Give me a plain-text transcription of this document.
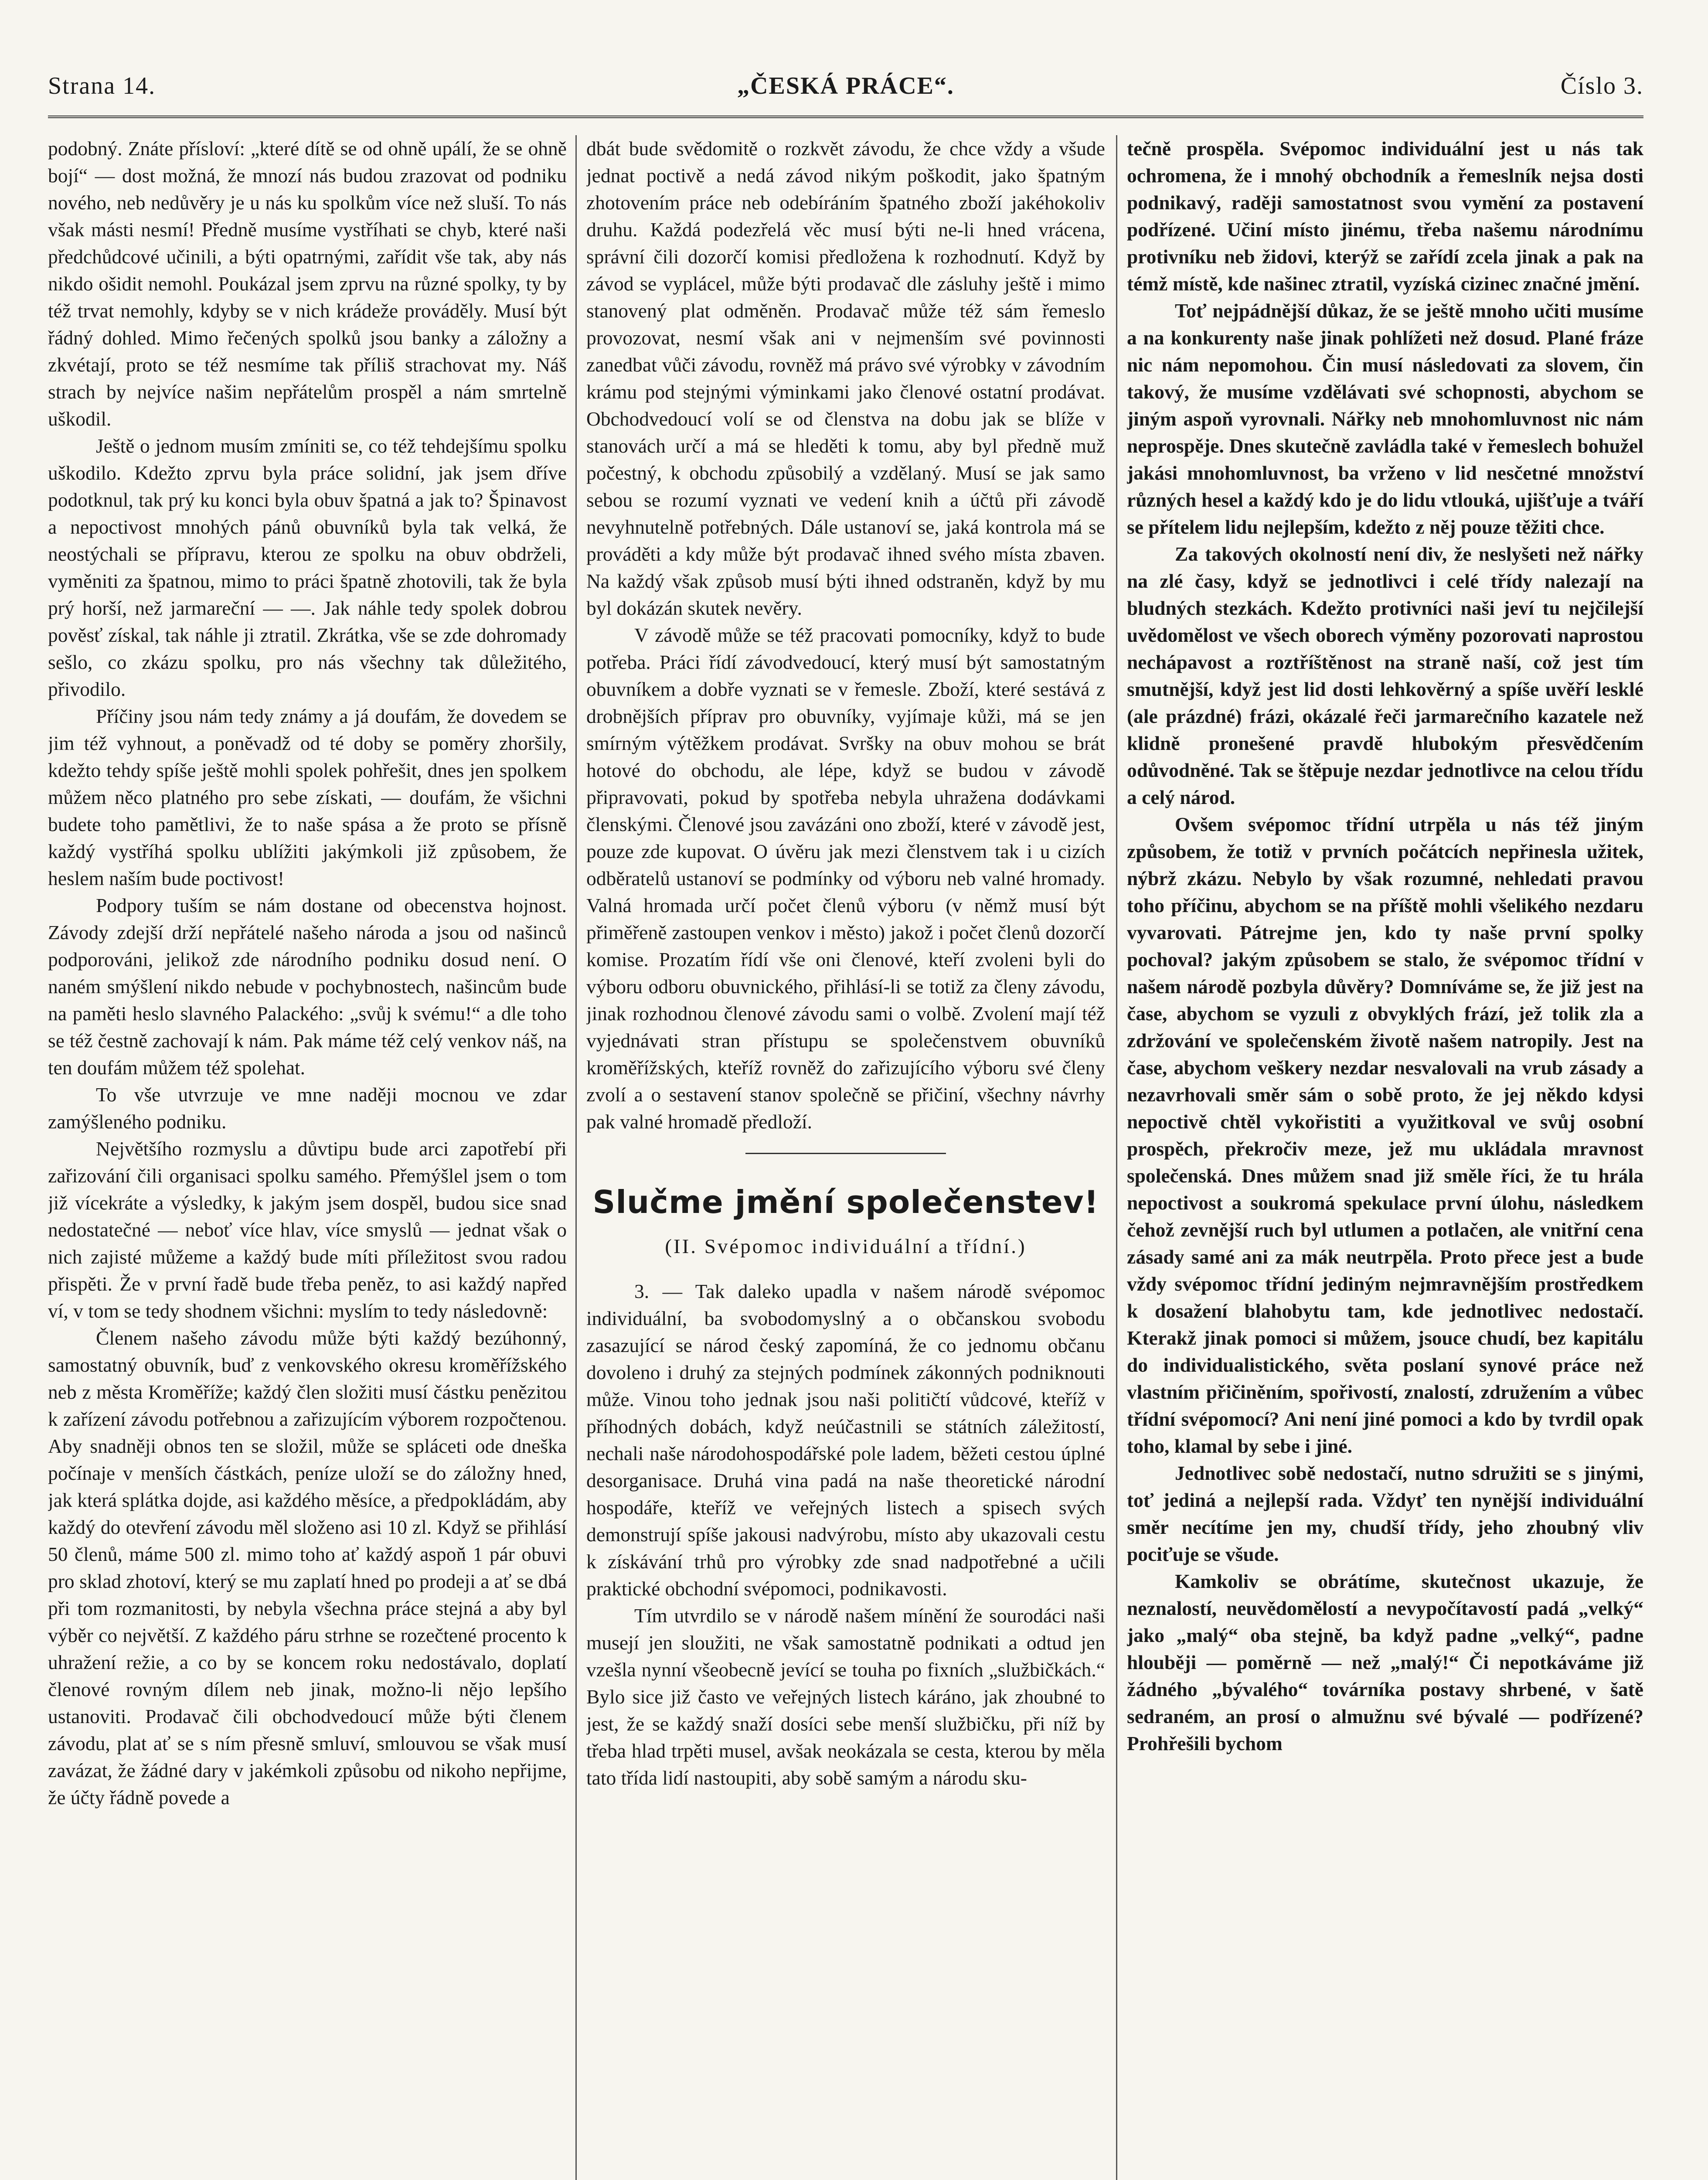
Strana 14.	„ČESKÁ PRÁCE“.	Číslo 3.

podobný. Znáte přísloví: „které dítě se od ohně upálí, že se ohně bojí“ — dost možná, že mnozí nás budou zrazovat od podniku nového, neb nedůvěry je u nás ku spolkům více než sluší. To nás však másti nesmí! Předně musíme vystříhati se chyb, které naši předchůdcové učinili, a býti opatrnými, zařídit vše tak, aby nás nikdo ošidit nemohl. Poukázal jsem zprvu na různé spolky, ty by též trvat nemohly, kdyby se v nich krádeže prováděly. Musí být řádný dohled. Mimo řečených spolků jsou banky a záložny a zkvétají, proto se též nesmíme tak příliš strachovat my. Náš strach by nejvíce našim nepřátelům prospěl a nám smrtelně uškodil.

Ještě o jednom musím zmíniti se, co též tehdejšímu spolku uškodilo. Kdežto zprvu byla práce solidní, jak jsem dříve podotknul, tak prý ku konci byla obuv špatná a jak to? Špinavost a nepoctivost mnohých pánů obuvníků byla tak velká, že neostýchali se přípravu, kterou ze spolku na obuv obdrželi, vyměniti za špatnou, mimo to práci špatně zhotovili, tak že byla prý horší, než jarmareční — —. Jak náhle tedy spolek dobrou pověsť získal, tak náhle ji ztratil. Zkrátka, vše se zde dohromady sešlo, co zkázu spolku, pro nás všechny tak důležitého, přivodilo.

Příčiny jsou nám tedy známy a já doufám, že dovedem se jim též vyhnout, a poněvadž od té doby se poměry zhoršily, kdežto tehdy spíše ještě mohli spolek pohřešit, dnes jen spolkem můžem něco platného pro sebe získati, — doufám, že všichni budete toho pamětlivi, že to naše spása a že proto se přísně každý vystříhá spolku ublížiti jakýmkoli již způsobem, že heslem naším bude poctivost!

Podpory tuším se nám dostane od obecenstva hojnost. Závody zdejší drží nepřátelé našeho národa a jsou od našinců podporováni, jelikož zde národního podniku dosud není. O naném smýšlení nikdo nebude v pochybnostech, našincům bude na paměti heslo slavného Palackého: „svůj k svému!“ a dle toho se též čestně zachovají k nám. Pak máme též celý venkov náš, na ten doufám můžem též spolehat.

To vše utvrzuje ve mne naději mocnou ve zdar zamýšleného podniku.

Největšího rozmyslu a důvtipu bude arci zapotřebí při zařizování čili organisaci spolku samého. Přemýšlel jsem o tom již vícekráte a výsledky, k jakým jsem dospěl, budou sice snad nedostatečné — neboť více hlav, více smyslů — jednat však o nich zajisté můžeme a každý bude míti příležitost svou radou přispěti. Že v první řadě bude třeba peněz, to asi každý napřed ví, v tom se tedy shodnem všichni: myslím to tedy následovně:

Členem našeho závodu může býti každý bezúhonný, samostatný obuvník, buď z venkovského okresu kroměřížského neb z města Kroměříže; každý člen složiti musí částku penězitou k zařízení závodu potřebnou a zařizujícím výborem rozpočtenou. Aby snadněji obnos ten se složil, může se spláceti ode dneška počínaje v menších částkách, peníze uloží se do záložny hned, jak která splátka dojde, asi každého měsíce, a předpokládám, aby každý do otevření závodu měl složeno asi 10 zl. Když se přihlásí 50 členů, máme 500 zl. mimo toho ať každý aspoň 1 pár obuvi pro sklad zhotoví, který se mu zaplatí hned po prodeji a ať se dbá při tom rozmanitosti, by nebyla všechna práce stejná a aby byl výběr co největší. Z každého páru strhne se rozečtené procento k uhražení režie, a co by se koncem roku nedostávalo, doplatí členové rovným dílem neb jinak, možno-li nějo lepšího ustanoviti. Prodavač čili obchodvedoucí může býti členem závodu, plat ať se s ním přesně smluví, smlouvou se však musí zavázat, že žádné dary v jakémkoli způsobu od nikoho nepřijme, že účty řádně povede a

dbát bude svědomitě o rozkvět závodu, že chce vždy a všude jednat poctivě a nedá závod nikým poškodit, jako špatným zhotovením práce neb odebíráním špatného zboží jakéhokoliv druhu. Každá podezřelá věc musí býti ne-li hned vrácena, správní čili dozorčí komisi předložena k rozhodnutí. Když by závod se vyplácel, může býti prodavač dle zásluhy ještě i mimo stanovený plat odměněn. Prodavač může též sám řemeslo provozovat, nesmí však ani v nejmenším své povinnosti zanedbat vůči závodu, rovněž má právo své výrobky v závodním krámu pod stejnými výminkami jako členové ostatní prodávat. Obchodvedoucí volí se od členstva na dobu jak se blíže v stanovách určí a má se hleděti k tomu, aby byl předně muž počestný, k obchodu způsobilý a vzdělaný. Musí se jak samo sebou se rozumí vyznati ve vedení knih a účtů při závodě nevyhnutelně potřebných. Dále ustanoví se, jaká kontrola má se prováděti a kdy může být prodavač ihned svého místa zbaven. Na každý však způsob musí býti ihned odstraněn, když by mu byl dokázán skutek nevěry.

V závodě může se též pracovati pomocníky, když to bude potřeba. Práci řídí závodvedoucí, který musí být samostatným obuvníkem a dobře vyznati se v řemesle. Zboží, které sestává z drobnějších příprav pro obuvníky, vyjímaje kůži, má se jen smírným výtěžkem prodávat. Svršky na obuv mohou se brát hotové do obchodu, ale lépe, když se budou v závodě připravovati, pokud by spotřeba nebyla uhražena dodávkami členskými. Členové jsou zavázáni ono zboží, které v závodě jest, pouze zde kupovat. O úvěru jak mezi členstvem tak i u cizích odběratelů ustanoví se podmínky od výboru neb valné hromady. Valná hromada určí počet členů výboru (v němž musí být přiměřeně zastoupen venkov i město) jakož i počet členů dozorčí komise. Prozatím řídí vše oni členové, kteří zvoleni byli do výboru odboru obuvnického, přihlásí-li se totiž za členy závodu, jinak rozhodnou členové závodu sami o volbě. Zvolení mají též vyjednávati stran přístupu se společenstvem obuvníků kroměřížských, kteříž rovněž do zařizujícího výboru své členy zvolí a o sestavení stanov společně se přičiní, všechny návrhy pak valné hromadě předloží.

Slučme jmění společenstev!
(II. Svépomoc individuální a třídní.)

3. — Tak daleko upadla v našem národě svépomoc individuální, ba svobodomyslný a o občanskou svobodu zasazující se národ český zapomíná, že co jednomu občanu dovoleno i druhý za stejných podmínek zákonných podniknouti může. Vinou toho jednak jsou naši političtí vůdcové, kteříž v příhodných dobách, když neúčastnili se státních záležitostí, nechali naše národohospodářské pole ladem, běžeti cestou úplné desorganisace. Druhá vina padá na naše theoretické národní hospodáře, kteříž ve veřejných listech a spisech svých demonstrují spíše jakousi nadvýrobu, místo aby ukazovali cestu k získávání trhů pro výrobky zde snad nadpotřebné a učili praktické obchodní svépomoci, podnikavosti.

Tím utvrdilo se v národě našem mínění že sourodáci naši musejí jen sloužiti, ne však samostatně podnikati a odtud jen vzešla nynní všeobecně jevící se touha po fixních „službičkách.“ Bylo sice již často ve veřejných listech káráno, jak zhoubné to jest, že se každý snaží dosíci sebe menší službičku, při níž by třeba hlad trpěti musel, avšak neokázala se cesta, kterou by měla tato třída lidí nastoupiti, aby sobě samým a národu sku-

tečně prospěla. Svépomoc individuální jest u nás tak ochromena, že i mnohý obchodník a řemeslník nejsa dosti podnikavý, raději samostatnost svou vymění za postavení podřízené. Učiní místo jinému, třeba našemu národnímu protivníku neb židovi, kterýž se zařídí zcela jinak a pak na témž místě, kde našinec ztratil, vyzíská cizinec značné jmění.

Toť nejpádnější důkaz, že se ještě mnoho učiti musíme a na konkurenty naše jinak pohlížeti než dosud. Plané fráze nic nám nepomohou. Čin musí následovati za slovem, čin takový, že musíme vzdělávati své schopnosti, abychom se jiným aspoň vyrovnali. Nářky neb mnohomluvnost nic nám neprospěje. Dnes skutečně zavládla také v řemeslech bohužel jakási mnohomluvnost, ba vrženo v lid nesčetné množství různých hesel a každý kdo je do lidu vtlouká, ujišťuje a tváří se přítelem lidu nejlepším, kdežto z něj pouze těžiti chce.

Za takových okolností není div, že neslyšeti než nářky na zlé časy, když se jednotlivci i celé třídy nalezají na bludných stezkách. Kdežto protivníci naši jeví tu nejčilejší uvědomělost ve všech oborech výměny pozorovati naprostou nechápavost a roztříštěnost na straně naší, což jest tím smutnější, když jest lid dosti lehkověrný a spíše uvěří lesklé (ale prázdné) frázi, okázalé řeči jarmarečního kazatele než klidně pronešené pravdě hlubokým přesvědčením odůvodněné. Tak se štěpuje nezdar jednotlivce na celou třídu a celý národ.

Ovšem svépomoc třídní utrpěla u nás též jiným způsobem, že totiž v prvních počátcích nepřinesla užitek, nýbrž zkázu. Nebylo by však rozumné, nehledati pravou toho příčinu, abychom se na příště mohli všelikého nezdaru vyvarovati. Pátrejme jen, kdo ty naše první spolky pochoval? jakým způsobem se stalo, že svépomoc třídní v našem národě pozbyla důvěry? Domníváme se, že již jest na čase, abychom se vyzuli z obvyklých frází, jež tolik zla a zdržování ve společenském životě našem natropily. Jest na čase, abychom veškery nezdar nesvalovali na vrub zásady a nezavrhovali směr sám o sobě proto, že jej někdo kdysi nepoctivě chtěl vykořistiti a využitkoval ve svůj osobní prospěch, překročiv meze, jež mu ukládala mravnost společenská. Dnes můžem snad již směle říci, že tu hrála nepoctivost a soukromá spekulace první úlohu, následkem čehož zevnější ruch byl utlumen a potlačen, ale vnitřní cena zásady samé ani za mák neutrpěla. Proto přece jest a bude vždy svépomoc třídní jediným nejmravnějším prostředkem k dosažení blahobytu tam, kde jednotlivec nedostačí. Kterakž jinak pomoci si můžem, jsouce chudí, bez kapitálu do individualistického, světa poslaní synové práce než vlastním přičiněním, spořivostí, znalostí, združením a vůbec třídní svépomocí? Ani není jiné pomoci a kdo by tvrdil opak toho, klamal by sebe i jiné.

Jednotlivec sobě nedostačí, nutno sdružiti se s jinými, toť jediná a nejlepší rada. Vždyť ten nynější individuální směr necítíme jen my, chudší třídy, jeho zhoubný vliv pociťuje se všude.

Kamkoliv se obrátíme, skutečnost ukazuje, že neznalostí, neuvědomělostí a nevypočítavostí padá „velký“ jako „malý“ oba stejně, ba když padne „velký“, padne hlouběji — poměrně — než „malý!“ Či nepotkáváme již žádného „bývalého“ továrníka postavy shrbené, v šatě sedraném, an prosí o almužnu své bývalé — podřízené? Prohřešili bychom
